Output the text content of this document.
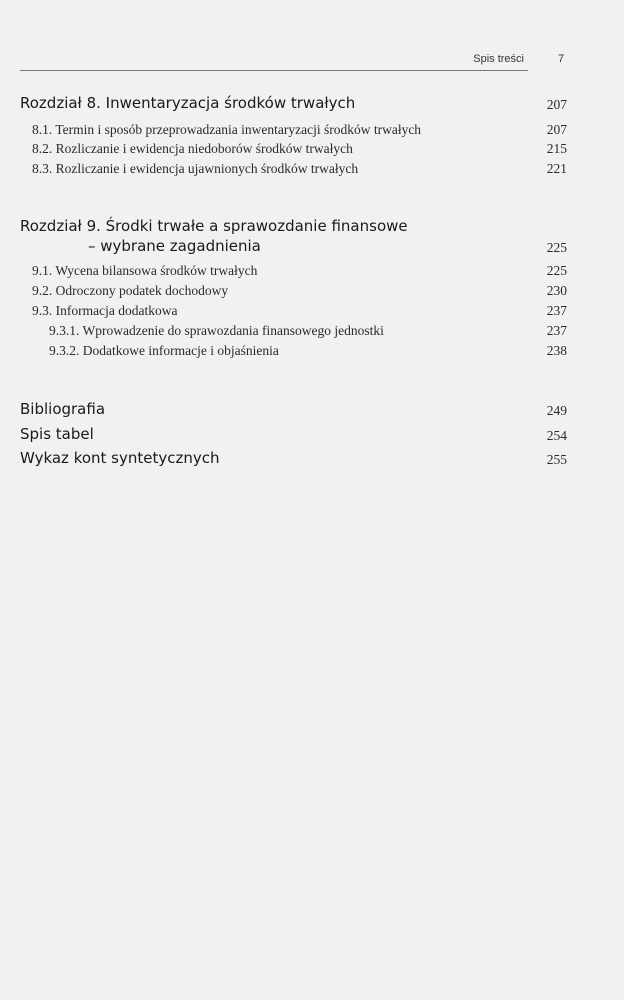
Spis treści	7
Rozdział 8. Inwentaryzacja środków trwałych	207
8.1. Termin i sposób przeprowadzania inwentaryzacji środków trwałych	207
8.2. Rozliczanie i ewidencja niedoborów środków trwałych	215
8.3. Rozliczanie i ewidencja ujawnionych środków trwałych	221
Rozdział 9. Środki trwałe a sprawozdanie finansowe
– wybrane zagadnienia	225
9.1. Wycena bilansowa środków trwałych	225
9.2. Odroczony podatek dochodowy	230
9.3. Informacja dodatkowa	237
9.3.1. Wprowadzenie do sprawozdania finansowego jednostki	237
9.3.2. Dodatkowe informacje i objaśnienia	238
Bibliografia	249
Spis tabel	254
Wykaz kont syntetycznych	255
